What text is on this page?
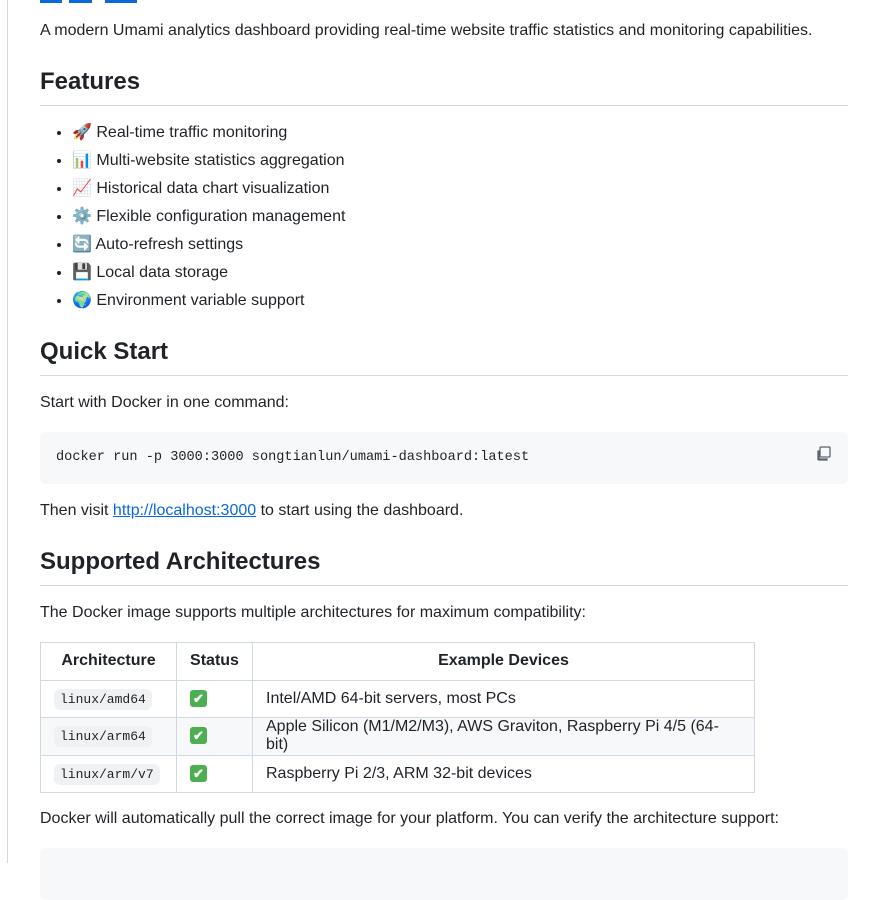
A modern Umami analytics dashboard providing real-time website traffic statistics and monitoring capabilities.
Features
• 🚀 Real-time traffic monitoring
• 📊 Multi-website statistics aggregation
• 📈 Historical data chart visualization
• ⚙️ Flexible configuration management
• 🔄 Auto-refresh settings
• 💾 Local data storage
• 🌍 Environment variable support
Quick Start
Start with Docker in one command:
docker run -p 3000:3000 songtianlun/umami-dashboard:latest
Then visit http://localhost:3000 to start using the dashboard.
Supported Architectures
The Docker image supports multiple architectures for maximum compatibility:
Architecture	Status	Example Devices
linux/amd64	✔	Intel/AMD 64-bit servers, most PCs
linux/arm64	✔	Apple Silicon (M1/M2/M3), AWS Graviton, Raspberry Pi 4/5 (64-bit)
linux/arm/v7	✔	Raspberry Pi 2/3, ARM 32-bit devices
Docker will automatically pull the correct image for your platform. You can verify the architecture support:
